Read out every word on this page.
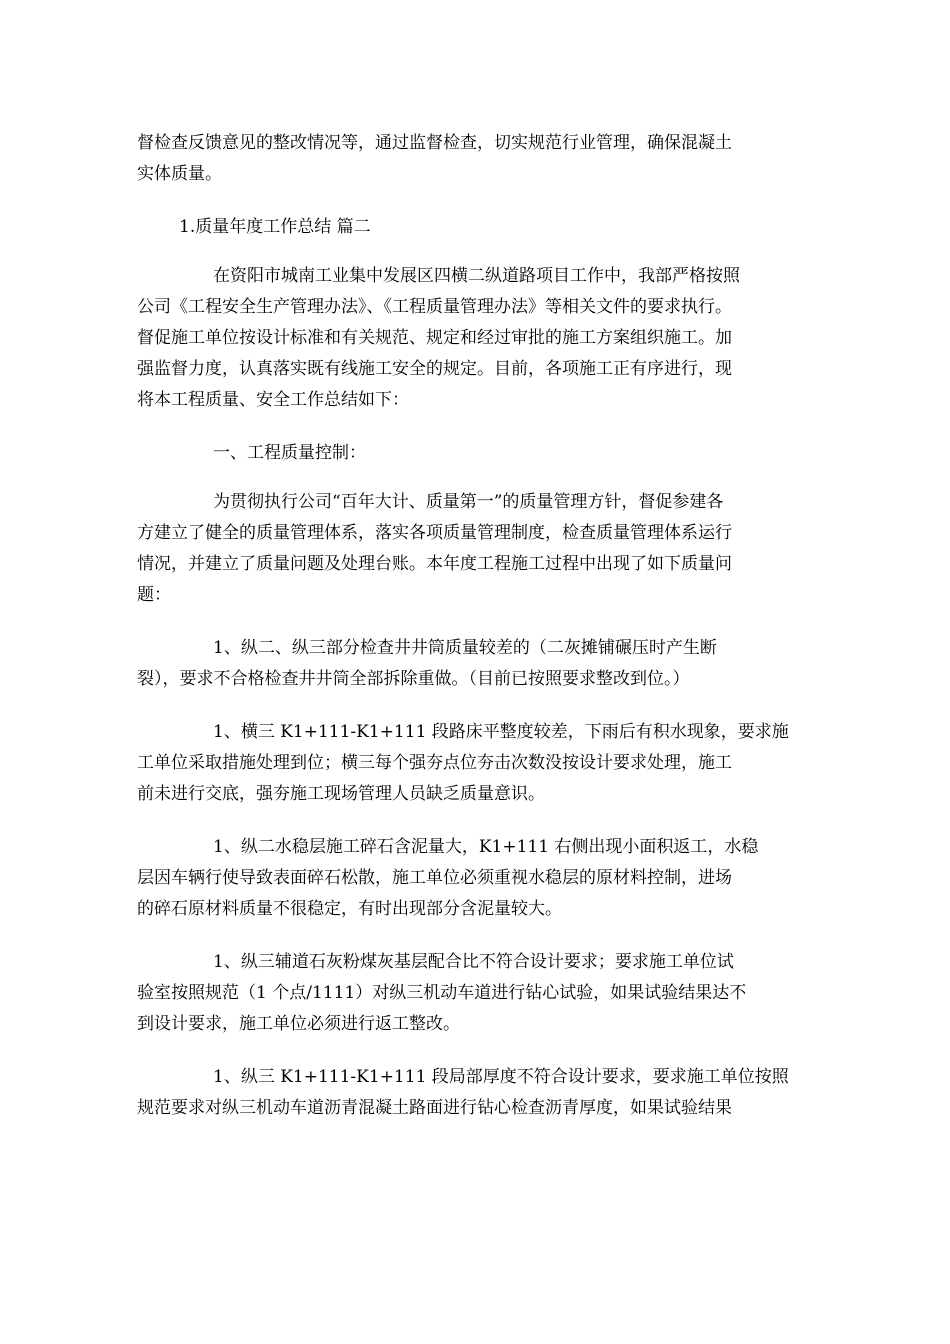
督检查反馈意见的整改情况等，通过监督检查，切实规范行业管理，确保混凝土
实体质量。
1.质量年度工作总结 篇二
在资阳市城南工业集中发展区四横二纵道路项目工作中，我部严格按照
公司《工程安全生产管理办法》、《工程质量管理办法》等相关文件的要求执行。
督促施工单位按设计标准和有关规范、规定和经过审批的施工方案组织施工。加
强监督力度，认真落实既有线施工安全的规定。目前，各项施工正有序进行，现
将本工程质量、安全工作总结如下：
一、工程质量控制：
为贯彻执行公司“百年大计、质量第一”的质量管理方针，督促参建各
方建立了健全的质量管理体系，落实各项质量管理制度，检查质量管理体系运行
情况，并建立了质量问题及处理台账。本年度工程施工过程中出现了如下质量问
题：
1、纵二、纵三部分检查井井筒质量较差的（二灰摊铺碾压时产生断
裂），要求不合格检查井井筒全部拆除重做。（目前已按照要求整改到位。）
1、横三 K1+111-K1+111 段路床平整度较差，下雨后有积水现象，要求施
工单位采取措施处理到位；横三每个强夯点位夯击次数没按设计要求处理，施工
前未进行交底，强夯施工现场管理人员缺乏质量意识。
1、纵二水稳层施工碎石含泥量大，K1+111 右侧出现小面积返工，水稳
层因车辆行使导致表面碎石松散，施工单位必须重视水稳层的原材料控制，进场
的碎石原材料质量不很稳定，有时出现部分含泥量较大。
1、纵三辅道石灰粉煤灰基层配合比不符合设计要求；要求施工单位试
验室按照规范（1 个点/1111）对纵三机动车道进行钻心试验，如果试验结果达不
到设计要求，施工单位必须进行返工整改。
1、纵三 K1+111-K1+111 段局部厚度不符合设计要求，要求施工单位按照
规范要求对纵三机动车道沥青混凝土路面进行钻心检查沥青厚度，如果试验结果
